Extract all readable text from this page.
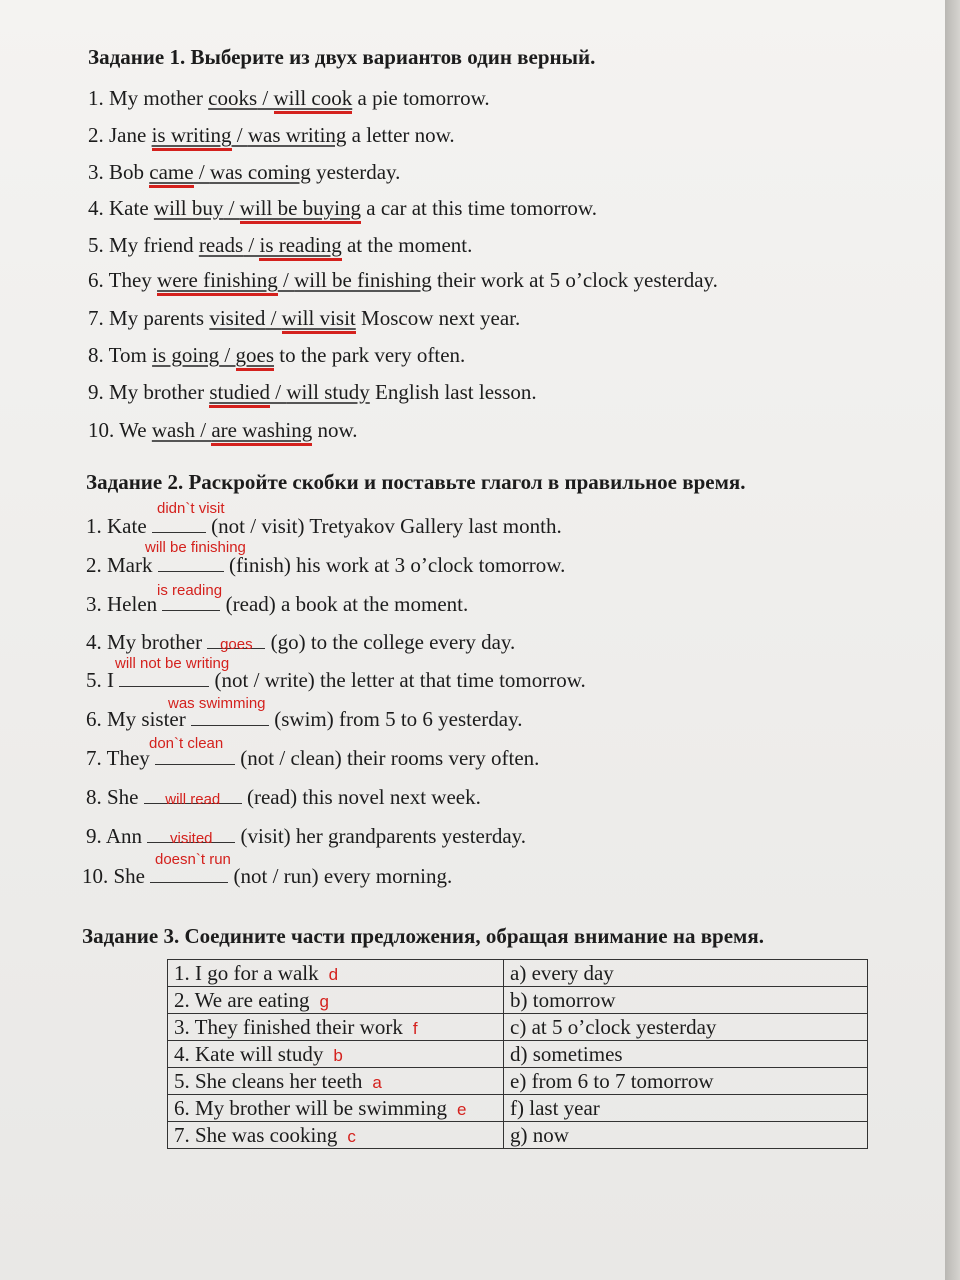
Задание 1. Выберите из двух вариантов один верный.
1. My mother cooks / will cook a pie tomorrow.
2. Jane is writing / was writing a letter now.
3. Bob came / was coming yesterday.
4. Kate will buy / will be buying a car at this time tomorrow.
5. My friend reads / is reading at the moment.
6. They were finishing / will be finishing their work at 5 o’clock yesterday.
7. My parents visited / will visit Moscow next year.
8. Tom is going / goes to the park very often.
9. My brother studied / will study English last lesson.
10. We wash / are washing now.
Задание 2. Раскройте скобки и поставьте глагол в правильное время.
didn`t visit
1. Kate	(not / visit) Tretyakov Gallery last month.
will be finishing
2. Mark	(finish) his work at 3 o’clock tomorrow.
is reading
3. Helen	(read) a book at the moment.
4. My brother goes (go) to the college every day.
will not be writing
5. I	(not / write) the letter at that time tomorrow.
was swimming
6. My sister	(swim) from 5 to 6 yesterday.
don`t clean
7. They	(not / clean) their rooms very often.
8. She will read (read) this novel next week.
9. Ann visited (visit) her grandparents yesterday.
doesn`t run
10. She	(not / run) every morning.
Задание 3. Соедините части предложения, обращая внимание на время.
1. I go for a walk d	a) every day
2. We are eating g	b) tomorrow
3. They finished their work f	c) at 5 o’clock yesterday
4. Kate will study b	d) sometimes
5. She cleans her teeth a	e) from 6 to 7 tomorrow
6. My brother will be swimming e	f) last year
7. She was cooking c	g) now
